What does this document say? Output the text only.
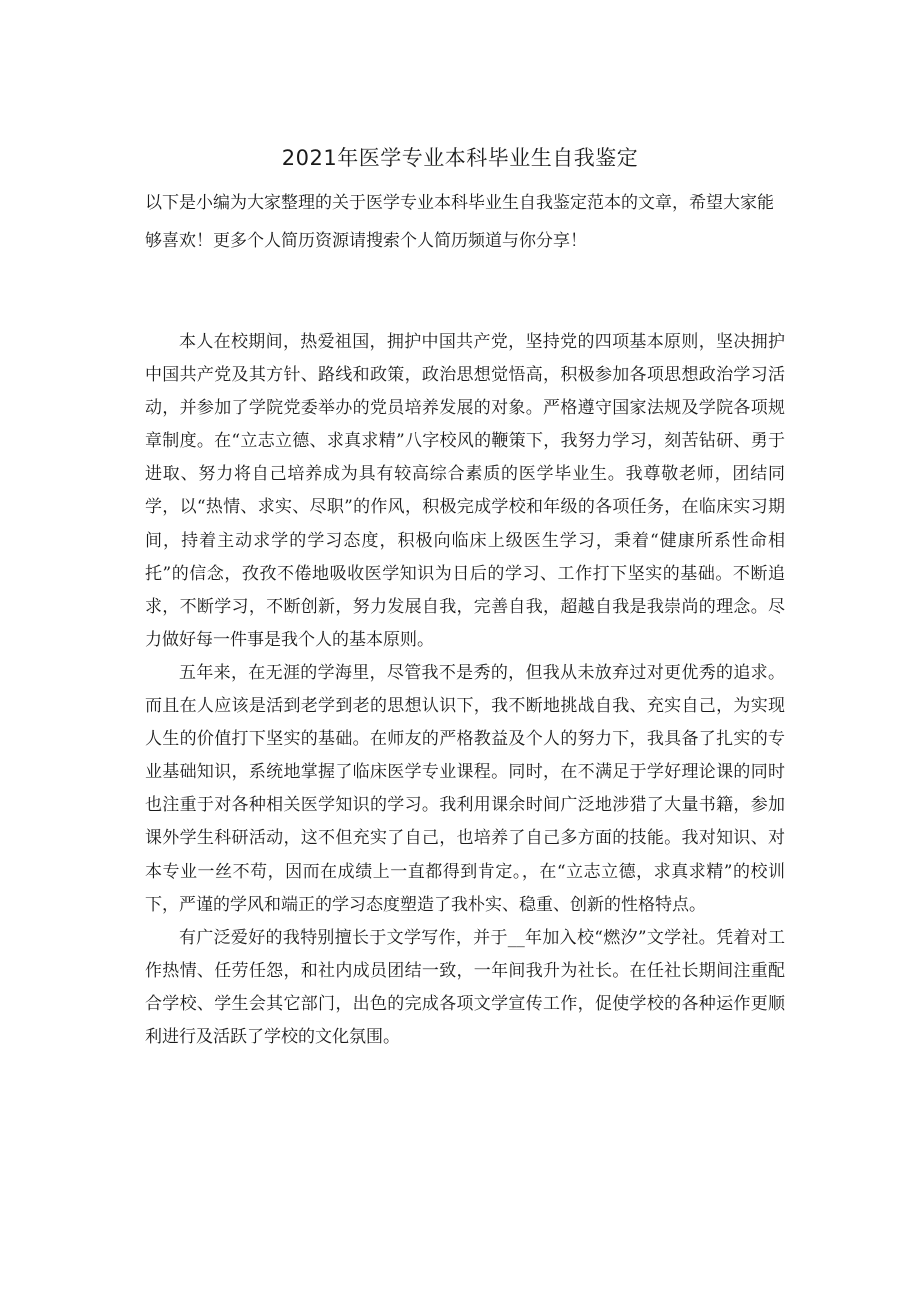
2021年医学专业本科毕业生自我鉴定

以下是小编为大家整理的关于医学专业本科毕业生自我鉴定范本的文章，希望大家能够喜欢！更多个人简历资源请搜索个人简历频道与你分享！

本人在校期间，热爱祖国，拥护中国共产党，坚持党的四项基本原则，坚决拥护中国共产党及其方针、路线和政策，政治思想觉悟高，积极参加各项思想政治学习活动，并参加了学院党委举办的党员培养发展的对象。严格遵守国家法规及学院各项规章制度。在“立志立德、求真求精”八字校风的鞭策下，我努力学习，刻苦钻研、勇于进取、努力将自己培养成为具有较高综合素质的医学毕业生。我尊敬老师，团结同学，以“热情、求实、尽职”的作风，积极完成学校和年级的各项任务，在临床实习期间，持着主动求学的学习态度，积极向临床上级医生学习，秉着“健康所系性命相托”的信念，孜孜不倦地吸收医学知识为日后的学习、工作打下坚实的基础。不断追求，不断学习，不断创新，努力发展自我，完善自我，超越自我是我崇尚的理念。尽力做好每一件事是我个人的基本原则。

五年来，在无涯的学海里，尽管我不是秀的，但我从未放弃过对更优秀的追求。而且在人应该是活到老学到老的思想认识下，我不断地挑战自我、充实自己，为实现人生的价值打下坚实的基础。在师友的严格教益及个人的努力下，我具备了扎实的专业基础知识，系统地掌握了临床医学专业课程。同时，在不满足于学好理论课的同时也注重于对各种相关医学知识的学习。我利用课余时间广泛地涉猎了大量书籍，参加课外学生科研活动，这不但充实了自己，也培养了自己多方面的技能。我对知识、对本专业一丝不苟，因而在成绩上一直都得到肯定。，在“立志立德，求真求精”的校训下，严谨的学风和端正的学习态度塑造了我朴实、稳重、创新的性格特点。

有广泛爱好的我特别擅长于文学写作，并于__年加入校“燃汐”文学社。凭着对工作热情、任劳任怨，和社内成员团结一致，一年间我升为社长。在任社长期间注重配合学校、学生会其它部门，出色的完成各项文学宣传工作，促使学校的各种运作更顺利进行及活跃了学校的文化氛围。
